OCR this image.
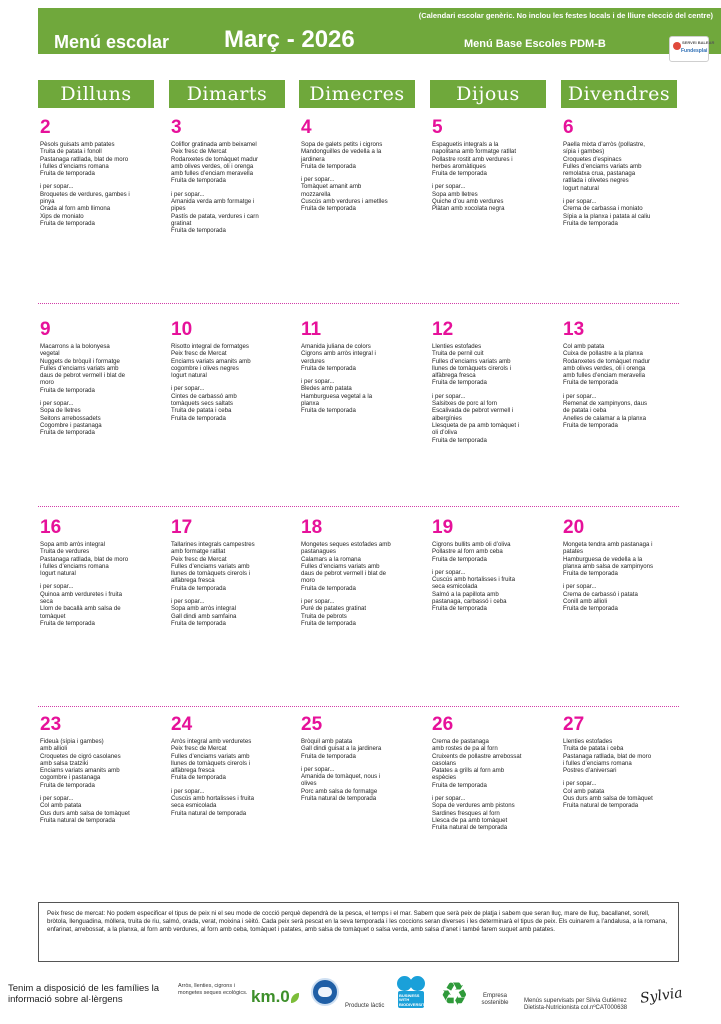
(Calendari escolar genèric. No inclou les festes locals i de lliure elecció del centre)
Menú escolar Març - 2026	Menú Base Escoles PDM-B	SERVEI BALEAR
Fundesplai
Dilluns	Dimarts	Dimecres	Dijous	Divendres
2
Pèsols guisats amb patates
Truita de patata i fonoll
Pastanaga ratllada, blat de moro
i fulles d’enciams romana
Fruita de temporada
i per sopar...
Broquetes de verdures, gambes i
pinya
Orada al forn amb llimona
Xips de moniato
Fruita de temporada
3
Coliflor gratinada amb beixamel
Peix fresc de Mercat
Rodanxetes de tomàquet madur
amb olives verdes, oli i orenga
amb fulles d’enciam meravella
Fruita de temporada
i per sopar...
Amanida verda amb formatge i
pipes
Pastís de patata, verdures i carn
gratinat
Fruita de temporada
4
Sopa de galets petits i cigrons
Mandonguilles de vedella a la
jardinera
Fruita de temporada
i per sopar...
Tomàquet amanit amb
mozzarella
Cuscús amb verdures i ametlles
Fruita de temporada
5
Espaguetis integrals a la
napolitana amb formatge ratllat
Pollastre rostit amb verdures i
herbes aromàtiques
Fruita de temporada
i per sopar...
Sopa amb lletres
Quiche d’ou amb verdures
Plàtan amb xocolata negra
6
Paella mixta d’arròs (pollastre,
sípia i gambes)
Croquetes d’espinacs
Fulles d’enciams variats amb
remolatxa crua, pastanaga
ratllada i olivetes negres
Iogurt natural
i per sopar...
Crema de carbassa i moniato
Sípia a la planxa i patata al caliu
Fruita de temporada
9
Macarrons a la bolonyesa
vegetal
Nuggets de bròquil i formatge
Fulles d’enciams variats amb
daus de pebrot vermell i blat de
moro
Fruita de temporada
i per sopar...
Sopa de lletres
Seitons arrebossadets
Cogombre i pastanaga
Fruita de temporada
10
Risotto integral de formatges
Peix fresc de Mercat
Enciams variats amanits amb
cogombre i olives negres
Iogurt natural
i per sopar...
Cintes de carbassó amb
tomàquets secs saltats
Truita de patata i ceba
Fruita de temporada
11
Amanida juliana de colors
Cigrons amb arròs integral i
verdures
Fruita de temporada
i per sopar...
Bledes amb patata
Hamburguesa vegetal a la
planxa
Fruita de temporada
12
Llenties estofades
Truita de pernil cuit
Fulles d’enciams variats amb
llunes de tomàquets cirerols i
alfàbrega fresca
Fruita de temporada
i per sopar...
Salsitxes de porc al forn
Escalivada de pebrot vermell i
albergínies
Llesqueta de pa amb tomàquet i
oli d’oliva
Fruita de temporada
13
Col amb patata
Cuixa de pollastre a la planxa
Rodanxetes de tomàquet madur
amb olives verdes, oli i orenga
amb fulles d’enciam meravella
Fruita de temporada
i per sopar...
Remenat de xampinyons, daus
de patata i ceba
Anelles de calamar a la planxa
Fruita de temporada
16
Sopa amb arròs integral
Truita de verdures
Pastanaga ratllada, blat de moro
i fulles d’enciams romana
Iogurt natural
i per sopar...
Quinoa amb verduretes i fruita
seca
Llom de bacallà amb salsa de
tomàquet
Fruita de temporada
17
Tallarines integrals campestres
amb formatge ratllat
Peix fresc de Mercat
Fulles d’enciams variats amb
llunes de tomàquets cirerols i
alfàbrega fresca
Fruita de temporada
i per sopar...
Sopa amb arròs integral
Gall dindi amb samfaina
Fruita de temporada
18
Mongetes seques estofades amb
pastanagues
Calamars a la romana
Fulles d’enciams variats amb
daus de pebrot vermell i blat de
moro
Fruita de temporada
i per sopar...
Puré de patates gratinat
Truita de pebrots
Fruita de temporada
19
Cigrons bullits amb oli d’oliva
Pollastre al forn amb ceba
Fruita de temporada
i per sopar...
Cuscús amb hortalisses i fruita
seca esmicolada
Salmó a la papillota amb
pastanaga, carbassó i ceba
Fruita de temporada
20
Mongeta tendra amb pastanaga i
patates
Hamburguesa de vedella a la
planxa amb salsa de xampinyons
Fruita de temporada
i per sopar...
Crema de carbassó i patata
Conill amb allioli
Fruita de temporada
23
Fideuà (sípia i gambes)
amb allioli
Croquetes de cigró casolanes
amb salsa tzatziki
Enciams variats amanits amb
cogombre i pastanaga
Fruita de temporada
i per sopar...
Col amb patata
Ous durs amb salsa de tomàquet
Fruita natural de temporada
24
Arròs integral amb verduretes
Peix fresc de Mercat
Fulles d’enciams variats amb
llunes de tomàquets cirerols i
alfàbrega fresca
Fruita de temporada
i per sopar...
Cuscús amb hortalisses i fruita
seca esmicolada
Fruita natural de temporada
25
Bròquil amb patata
Gall dindi guisat a la jardinera
Fruita de temporada
i per sopar...
Amanida de tomàquet, nous i
olives
Porc amb salsa de formatge
Fruita natural de temporada
26
Crema de pastanaga
amb rostes de pa al forn
Cruixents de pollastre arrebossat
casolans
Patates a grills al forn amb
espècies
Fruita de temporada
i per sopar...
Sopa de verdures amb pistons
Sardines fresques al forn
Llesca de pa amb tomàquet
Fruita natural de temporada
27
Llenties estofades
Truita de patata i ceba
Pastanaga ratllada, blat de moro
i fulles d’enciams romana
Postres d’aniversari
i per sopar...
Col amb patata
Ous durs amb salsa de tomàquet
Fruita natural de temporada
Peix fresc de mercat: No podem especificar el tipus de peix ni el seu mode de cocció perquè dependrà de la pesca, el temps i el mar. Sabem que serà peix de platja i sabem que seran lluç, mare de lluç, bacallanet, sorell, bròtola, llenguadina, mòllera, truita de riu, salmó, orada, verat, moixina i sèitó. Cada peix serà pescat en la seva temporada i les coccions seran diverses i les determinarà el tipus de peix. Els cuinarem a l’andalusa, a la romana, enfarinat, arrebossat, a la planxa, al forn amb verdures, al forn amb ceba, tomàquet i patates, amb salsa de tomàquet o salsa verda, amb salsa d’anet i també farem suquet amb patates.
Tenim a disposició de les famílies la informació sobre al·lèrgens
Arròs, llenties, cigrons i mongetes seques ecològics. km.0	Producte làctic
BUSINESS WITH BIODIVERSITY ♻	Empresa sostenible	Menús supervisats per Silvia Gutiérrez
Dietista-Nutricionista col.nºCAT000638
Sylvia
